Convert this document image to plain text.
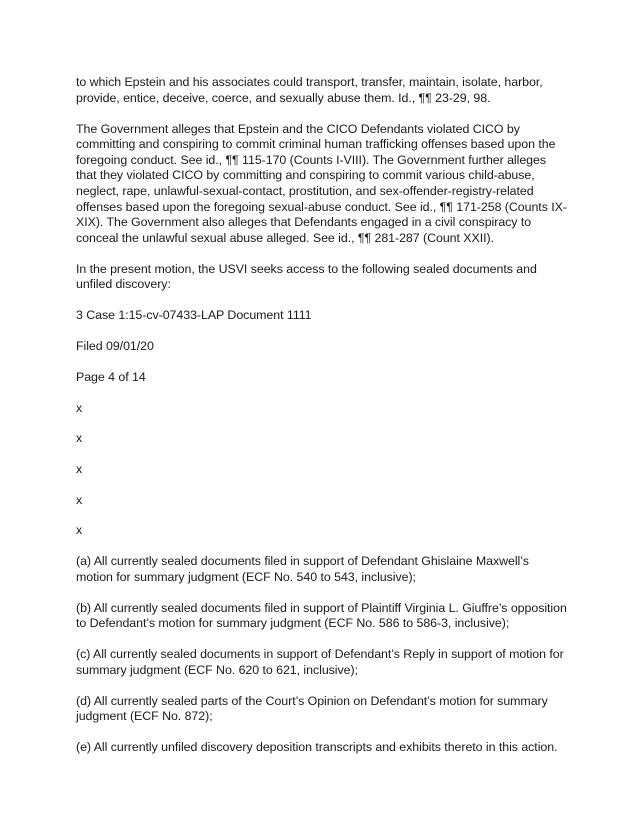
to which Epstein and his associates could transport, transfer, maintain, isolate, harbor, provide, entice, deceive, coerce, and sexually abuse them. Id., ¶¶ 23-29, 98.

The Government alleges that Epstein and the CICO Defendants violated CICO by committing and conspiring to commit criminal human trafficking offenses based upon the foregoing conduct. See id., ¶¶ 115-170 (Counts I-VIII). The Government further alleges that they violated CICO by committing and conspiring to commit various child-abuse, neglect, rape, unlawful-sexual-contact, prostitution, and sex-offender-registry-related offenses based upon the foregoing sexual-abuse conduct. See id., ¶¶ 171-258 (Counts IX-XIX). The Government also alleges that Defendants engaged in a civil conspiracy to conceal the unlawful sexual abuse alleged. See id., ¶¶ 281-287 (Count XXII).

In the present motion, the USVI seeks access to the following sealed documents and unfiled discovery:

3 Case 1:15-cv-07433-LAP Document 1111

Filed 09/01/20

Page 4 of 14

x

x

x

x

x

(a) All currently sealed documents filed in support of Defendant Ghislaine Maxwell’s motion for summary judgment (ECF No. 540 to 543, inclusive);

(b) All currently sealed documents filed in support of Plaintiff Virginia L. Giuffre’s opposition to Defendant’s motion for summary judgment (ECF No. 586 to 586-3, inclusive);

(c) All currently sealed documents in support of Defendant’s Reply in support of motion for summary judgment (ECF No. 620 to 621, inclusive);

(d) All currently sealed parts of the Court’s Opinion on Defendant’s motion for summary judgment (ECF No. 872);

(e) All currently unfiled discovery deposition transcripts and exhibits thereto in this action.
